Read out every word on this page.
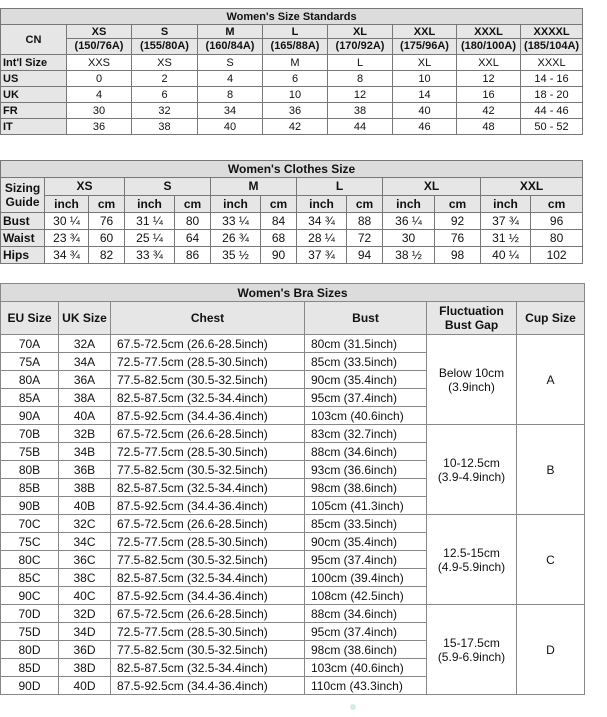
Women's Size Standards								
CN	XS	S	M	L	XL	XXL	XXXL	XXXXL
	(150/76A)	(155/80A)	(160/84A)	(165/88A)	(170/92A)	(175/96A)	(180/100A)	(185/104A)
Int'l Size	XXS	XS	S	M	L	XL	XXL	XXXL
US	0	2	4	6	8	10	12	14 - 16
UK	4	6	8	10	12	14	16	18 - 20
FR	30	32	34	36	38	40	42	44 - 46
IT	36	38	40	42	44	46	48	50 - 52
Women's Clothes Size												
Sizing Guide	XS		S		M		L		XL		XXL	
	inch	cm	inch	cm	inch	cm	inch	cm	inch	cm	inch	cm
Bust	30 ¼	76	31 ¼	80	33 ¼	84	34 ¾	88	36 ¼	92	37 ¾	96
Waist	23 ¾	60	25 ¼	64	26 ¾	68	28 ¼	72	30	76	31 ½	80
Hips	34 ¾	82	33 ¾	86	35 ½	90	37 ¾	94	38 ½	98	40 ¼	102
Women's Bra Sizes					
EU Size	UK Size	Chest	Bust	Fluctuation Bust Gap	Cup Size
70A	32A	67.5-72.5cm (26.6-28.5inch)	80cm (31.5inch)	Below 10cm (3.9inch)	A
75A	34A	72.5-77.5cm (28.5-30.5inch)	85cm (33.5inch)		
80A	36A	77.5-82.5cm (30.5-32.5inch)	90cm (35.4inch)		
85A	38A	82.5-87.5cm (32.5-34.4inch)	95cm (37.4inch)		
90A	40A	87.5-92.5cm (34.4-36.4inch)	103cm (40.6inch)		
70B	32B	67.5-72.5cm (26.6-28.5inch)	83cm (32.7inch)	10-12.5cm (3.9-4.9inch)	B
75B	34B	72.5-77.5cm (28.5-30.5inch)	88cm (34.6inch)		
80B	36B	77.5-82.5cm (30.5-32.5inch)	93cm (36.6inch)		
85B	38B	82.5-87.5cm (32.5-34.4inch)	98cm (38.6inch)		
90B	40B	87.5-92.5cm (34.4-36.4inch)	105cm (41.3inch)		
70C	32C	67.5-72.5cm (26.6-28.5inch)	85cm (33.5inch)	12.5-15cm (4.9-5.9inch)	C
75C	34C	72.5-77.5cm (28.5-30.5inch)	90cm (35.4inch)		
80C	36C	77.5-82.5cm (30.5-32.5inch)	95cm (37.4inch)		
85C	38C	82.5-87.5cm (32.5-34.4inch)	100cm (39.4inch)		
90C	40C	87.5-92.5cm (34.4-36.4inch)	108cm (42.5inch)		
70D	32D	67.5-72.5cm (26.6-28.5inch)	88cm (34.6inch)	15-17.5cm (5.9-6.9inch)	D
75D	34D	72.5-77.5cm (28.5-30.5inch)	95cm (37.4inch)		
80D	36D	77.5-82.5cm (30.5-32.5inch)	98cm (38.6inch)		
85D	38D	82.5-87.5cm (32.5-34.4inch)	103cm (40.6inch)		
90D	40D	87.5-92.5cm (34.4-36.4inch)	110cm (43.3inch)		
